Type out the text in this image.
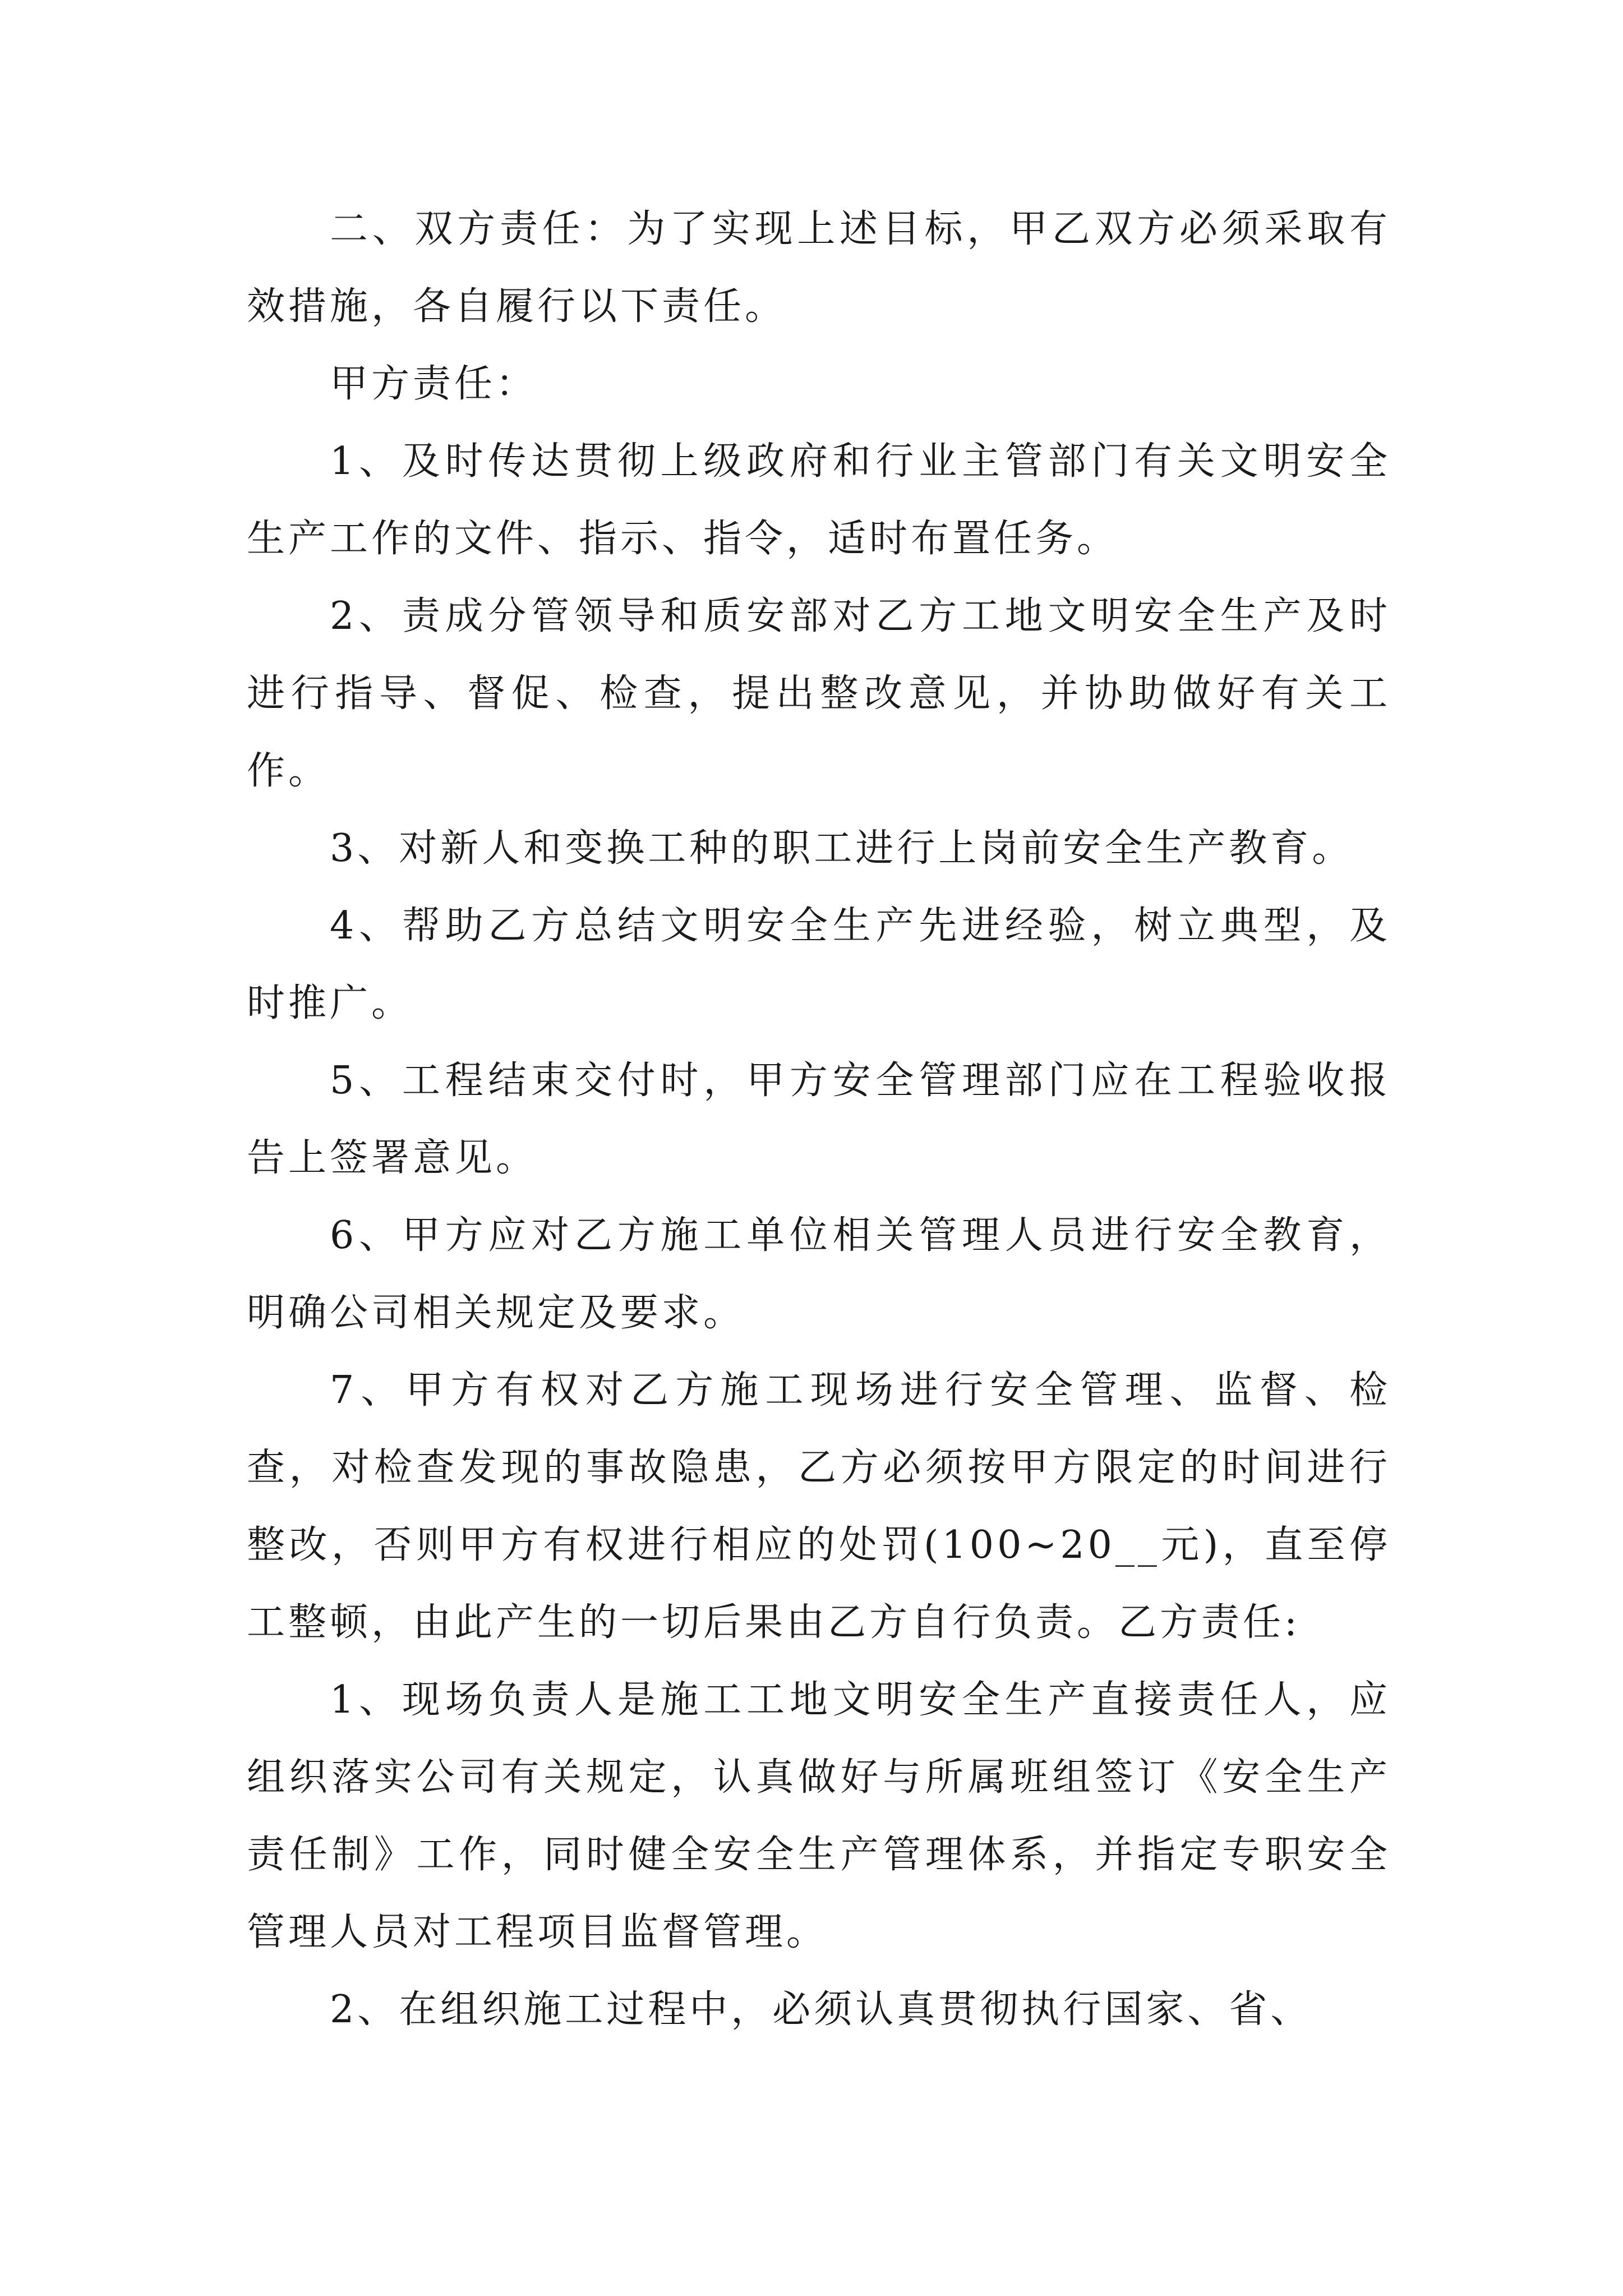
二、双方责任：为了实现上述目标，甲乙双方必须采取有效措施，各自履行以下责任。

甲方责任：

1、及时传达贯彻上级政府和行业主管部门有关文明安全生产工作的文件、指示、指令，适时布置任务。

2、责成分管领导和质安部对乙方工地文明安全生产及时进行指导、督促、检查，提出整改意见，并协助做好有关工作。

3、对新人和变换工种的职工进行上岗前安全生产教育。

4、帮助乙方总结文明安全生产先进经验，树立典型，及时推广。

5、工程结束交付时，甲方安全管理部门应在工程验收报告上签署意见。

6、甲方应对乙方施工单位相关管理人员进行安全教育，明确公司相关规定及要求。

7、甲方有权对乙方施工现场进行安全管理、监督、检查，对检查发现的事故隐患，乙方必须按甲方限定的时间进行整改，否则甲方有权进行相应的处罚(100~20__元)，直至停工整顿，由此产生的一切后果由乙方自行负责。乙方责任:

1、现场负责人是施工工地文明安全生产直接责任人，应组织落实公司有关规定，认真做好与所属班组签订《安全生产责任制》工作，同时健全安全生产管理体系，并指定专职安全管理人员对工程项目监督管理。

2、在组织施工过程中，必须认真贯彻执行国家、省、
